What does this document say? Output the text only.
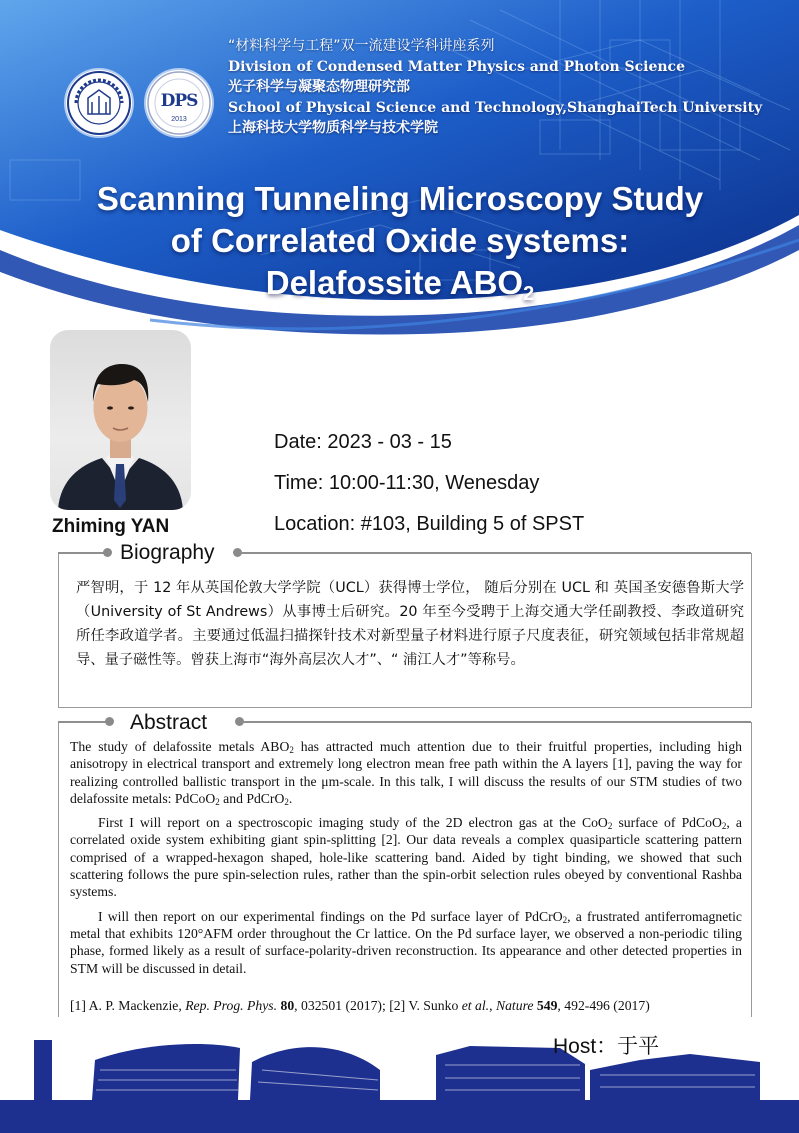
DPS
2013
“材料科学与工程”双一流建设学科讲座系列
Division of Condensed Matter Physics and Photon Science
光子科学与凝聚态物理研究部
School of Physical Science and Technology,ShanghaiTech University
上海科技大学物质科学与技术学院
Scanning Tunneling Microscopy Study
of Correlated Oxide systems:
Delafossite $ABO_2$
Zhiming YAN
Date: 2023 - 03 - 15
Time: 10:00-11:30, Wenesday
Location: #103, Building 5 of SPST
Biography
严智明，于 12 年从英国伦敦大学学院（UCL）获得博士学位， 随后分别在 UCL 和 英国圣安德鲁斯大学（University of St Andrews）从事博士后研究。20 年至今受聘于上海交通大学任副教授、李政道研究所任李政道学者。主要通过低温扫描探针技术对新型量子材料进行原子尺度表征，研究领域包括非常规超导、量子磁性等。曾获上海市“海外高层次人才”、“ 浦江人才”等称号。
Abstract

The study of delafossite metals $ABO_2$ has attracted much attention due to their fruitful properties, including high anisotropy in electrical transport and extremely long electron mean free path within the A layers [1], paving the way for realizing controlled ballistic transport in the μm-scale. In this talk, I will discuss the results of our STM studies of two delafossite metals: PdCoO$_2$ and PdCrO$_2$.

First I will report on a spectroscopic imaging study of the 2D electron gas at the CoO$_2$ surface of PdCoO$_2$, a correlated oxide system exhibiting giant spin-splitting [2]. Our data reveals a complex quasiparticle scattering pattern comprised of a wrapped-hexagon shaped, hole-like scattering band. Aided by tight binding, we showed that such scattering follows the pure spin-selection rules, rather than the spin-orbit selection rules obeyed by conventional Rashba systems.

I will then report on our experimental findings on the Pd surface layer of PdCrO$_2$, a frustrated antiferromagnetic metal that exhibits 120°AFM order throughout the Cr lattice. On the Pd surface layer, we observed a non-periodic tiling phase, formed likely as a result of surface-polarity-driven reconstruction. Its appearance and other detected properties in STM will be discussed in detail.

[1] A. P. Mackenzie, Rep. Prog. Phys. 80, 032501 (2017); [2] V. Sunko et al., Nature 549, 492-496 (2017)
Host：于平
